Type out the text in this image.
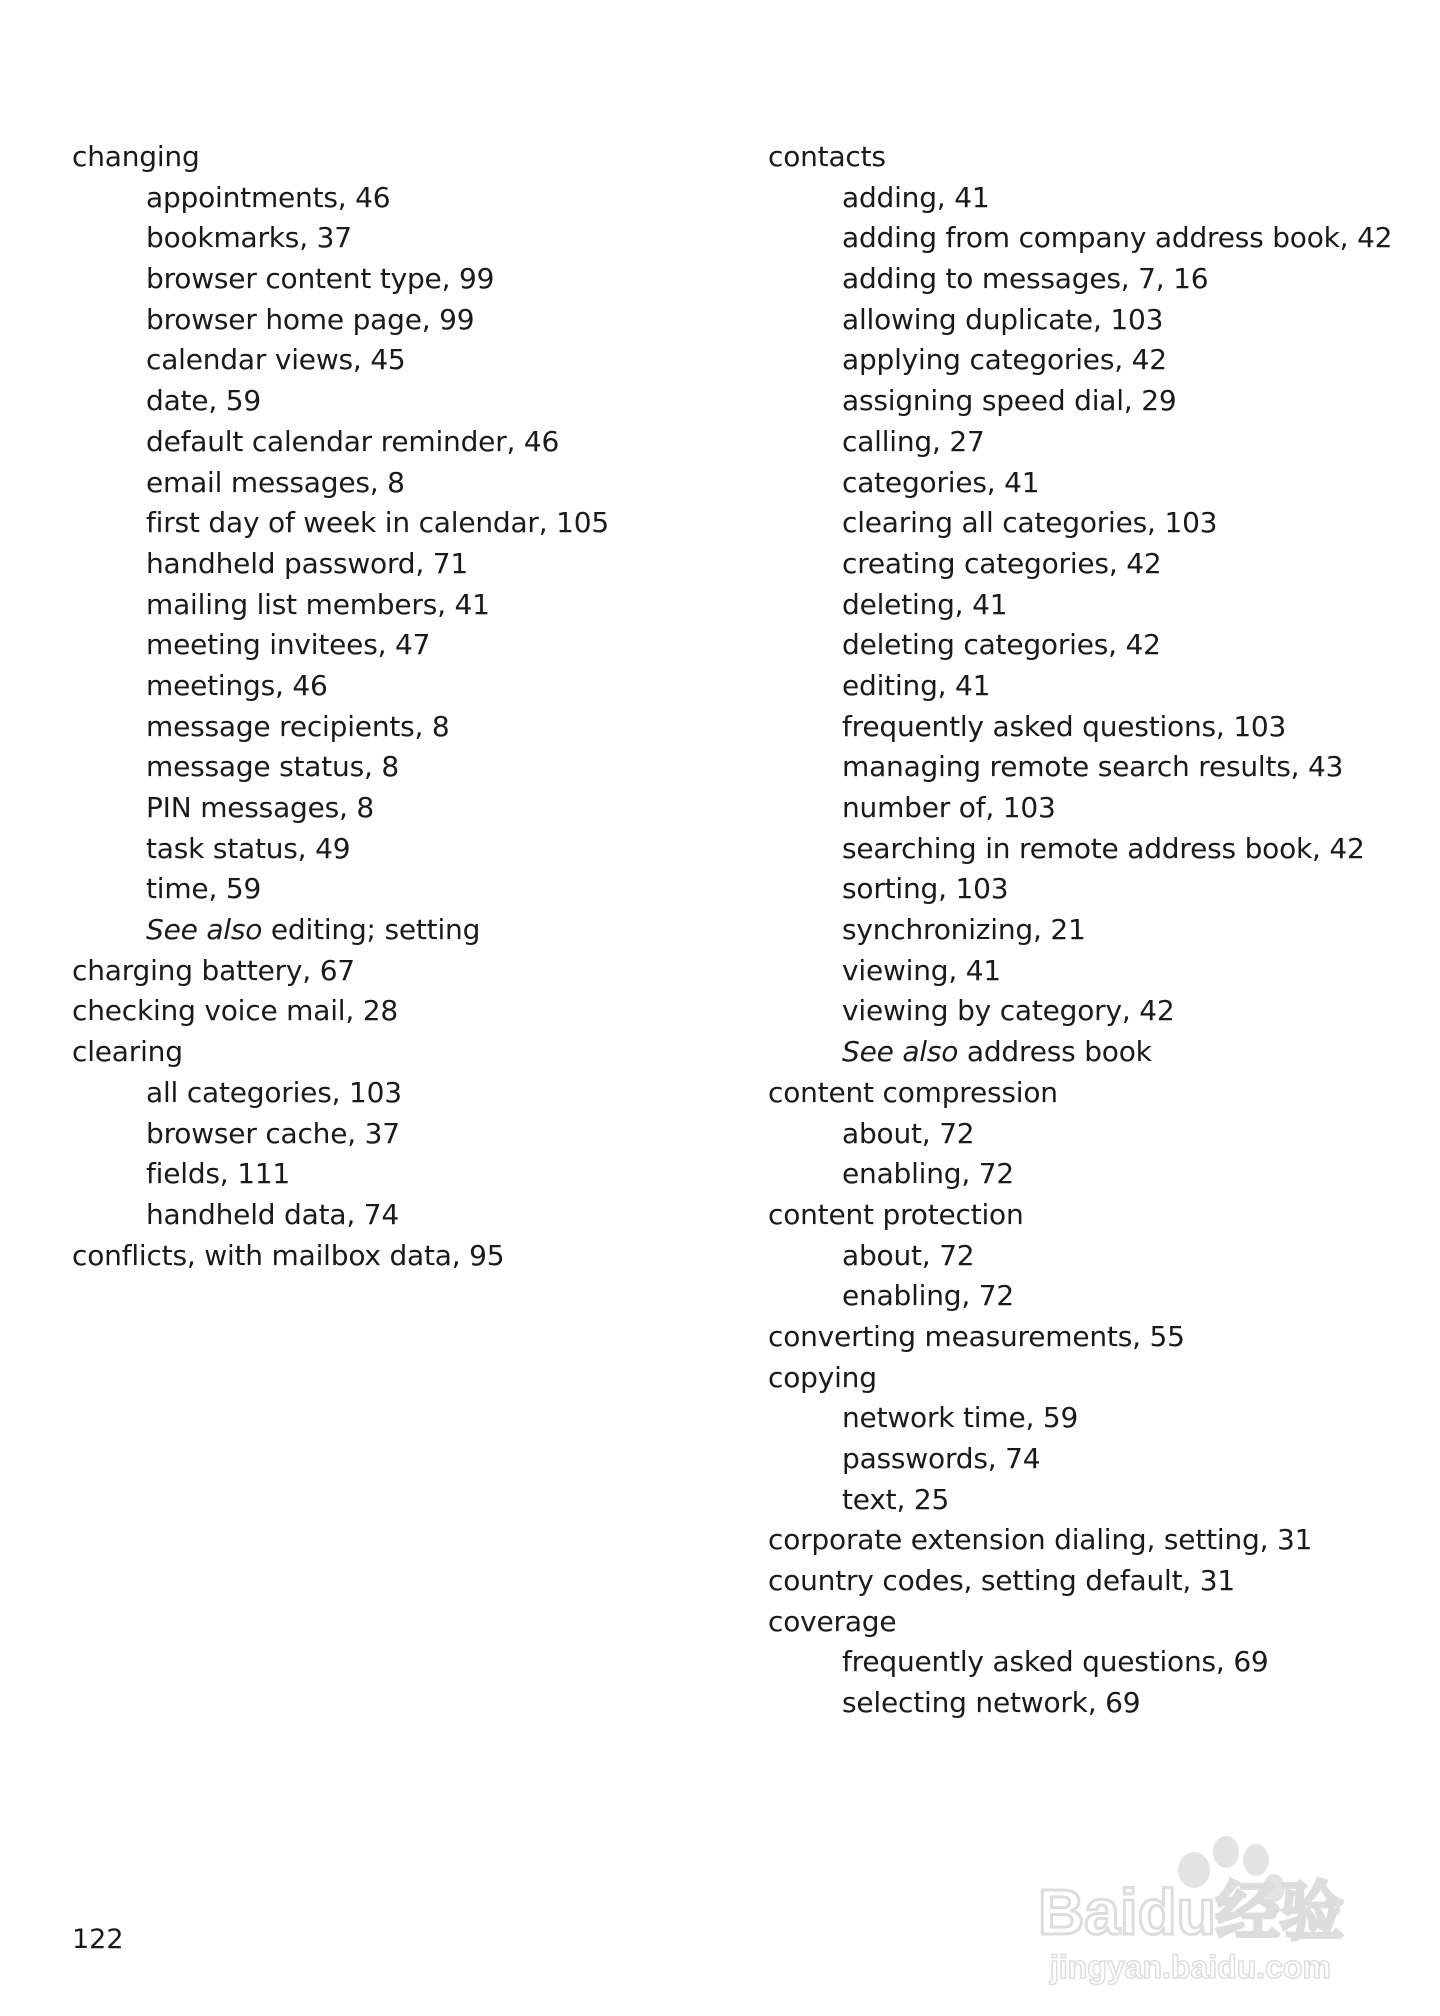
changing
appointments, 46
bookmarks, 37
browser content type, 99
browser home page, 99
calendar views, 45
date, 59
default calendar reminder, 46
email messages, 8
first day of week in calendar, 105
handheld password, 71
mailing list members, 41
meeting invitees, 47
meetings, 46
message recipients, 8
message status, 8
PIN messages, 8
task status, 49
time, 59
See also editing; setting
charging battery, 67
checking voice mail, 28
clearing
all categories, 103
browser cache, 37
fields, 111
handheld data, 74
conflicts, with mailbox data, 95
contacts
adding, 41
adding from company address book, 42
adding to messages, 7, 16
allowing duplicate, 103
applying categories, 42
assigning speed dial, 29
calling, 27
categories, 41
clearing all categories, 103
creating categories, 42
deleting, 41
deleting categories, 42
editing, 41
frequently asked questions, 103
managing remote search results, 43
number of, 103
searching in remote address book, 42
sorting, 103
synchronizing, 21
viewing, 41
viewing by category, 42
See also address book
content compression
about, 72
enabling, 72
content protection
about, 72
enabling, 72
converting measurements, 55
copying
network time, 59
passwords, 74
text, 25
corporate extension dialing, setting, 31
country codes, setting default, 31
coverage
frequently asked questions, 69
selecting network, 69
122	Baidu经验
jingyan.baidu.com
